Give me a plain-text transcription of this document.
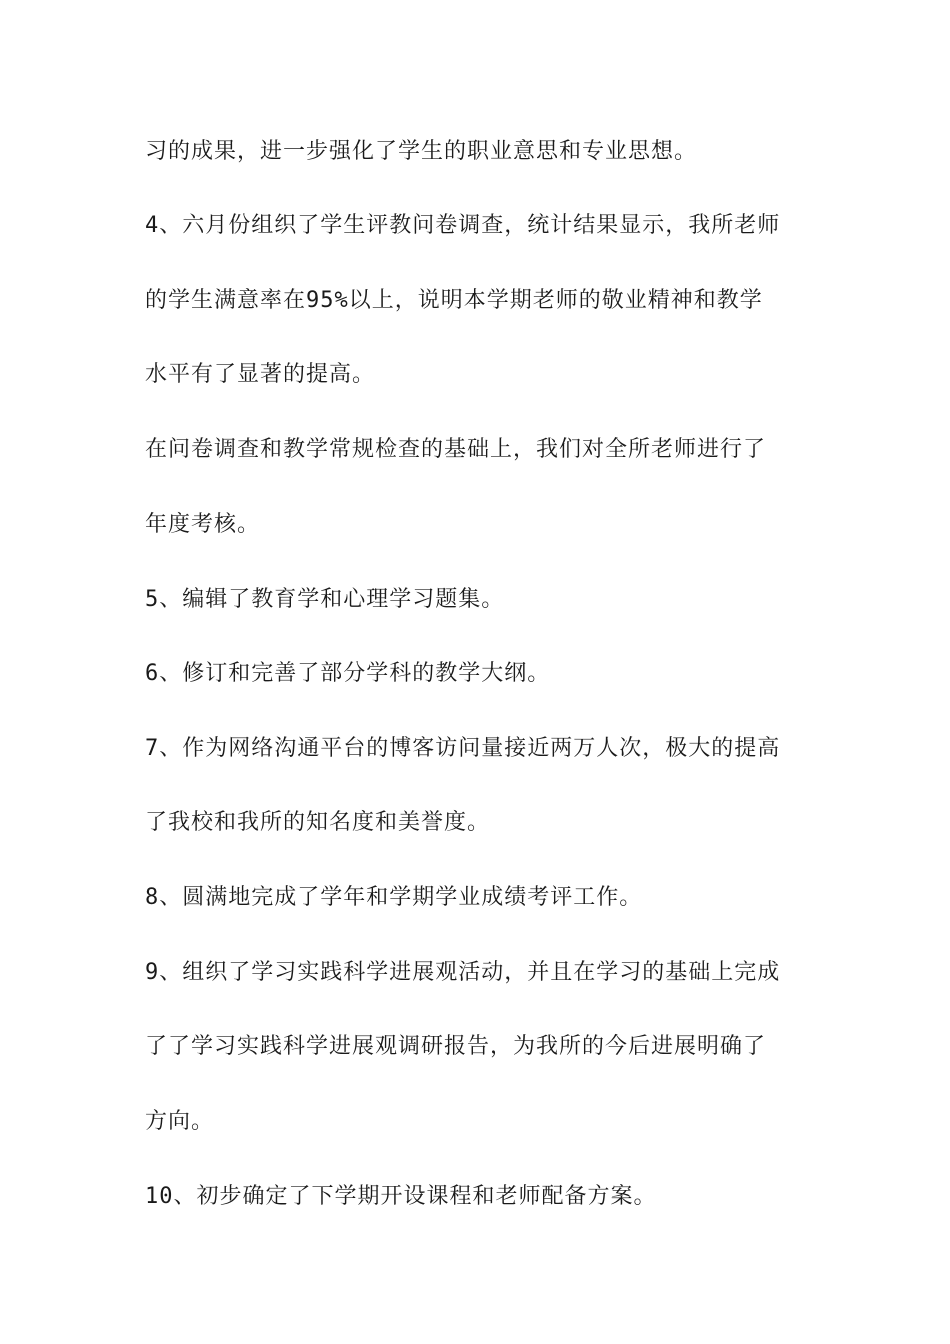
习的成果，进一步强化了学生的职业意思和专业思想。
4、六月份组织了学生评教问卷调查，统计结果显示，我所老师
的学生满意率在95%以上，说明本学期老师的敬业精神和教学
水平有了显著的提高。
在问卷调查和教学常规检查的基础上，我们对全所老师进行了
年度考核。
5、编辑了教育学和心理学习题集。
6、修订和完善了部分学科的教学大纲。
7、作为网络沟通平台的博客访问量接近两万人次，极大的提高
了我校和我所的知名度和美誉度。
8、圆满地完成了学年和学期学业成绩考评工作。
9、组织了学习实践科学进展观活动，并且在学习的基础上完成
了了学习实践科学进展观调研报告，为我所的今后进展明确了
方向。
10、初步确定了下学期开设课程和老师配备方案。
